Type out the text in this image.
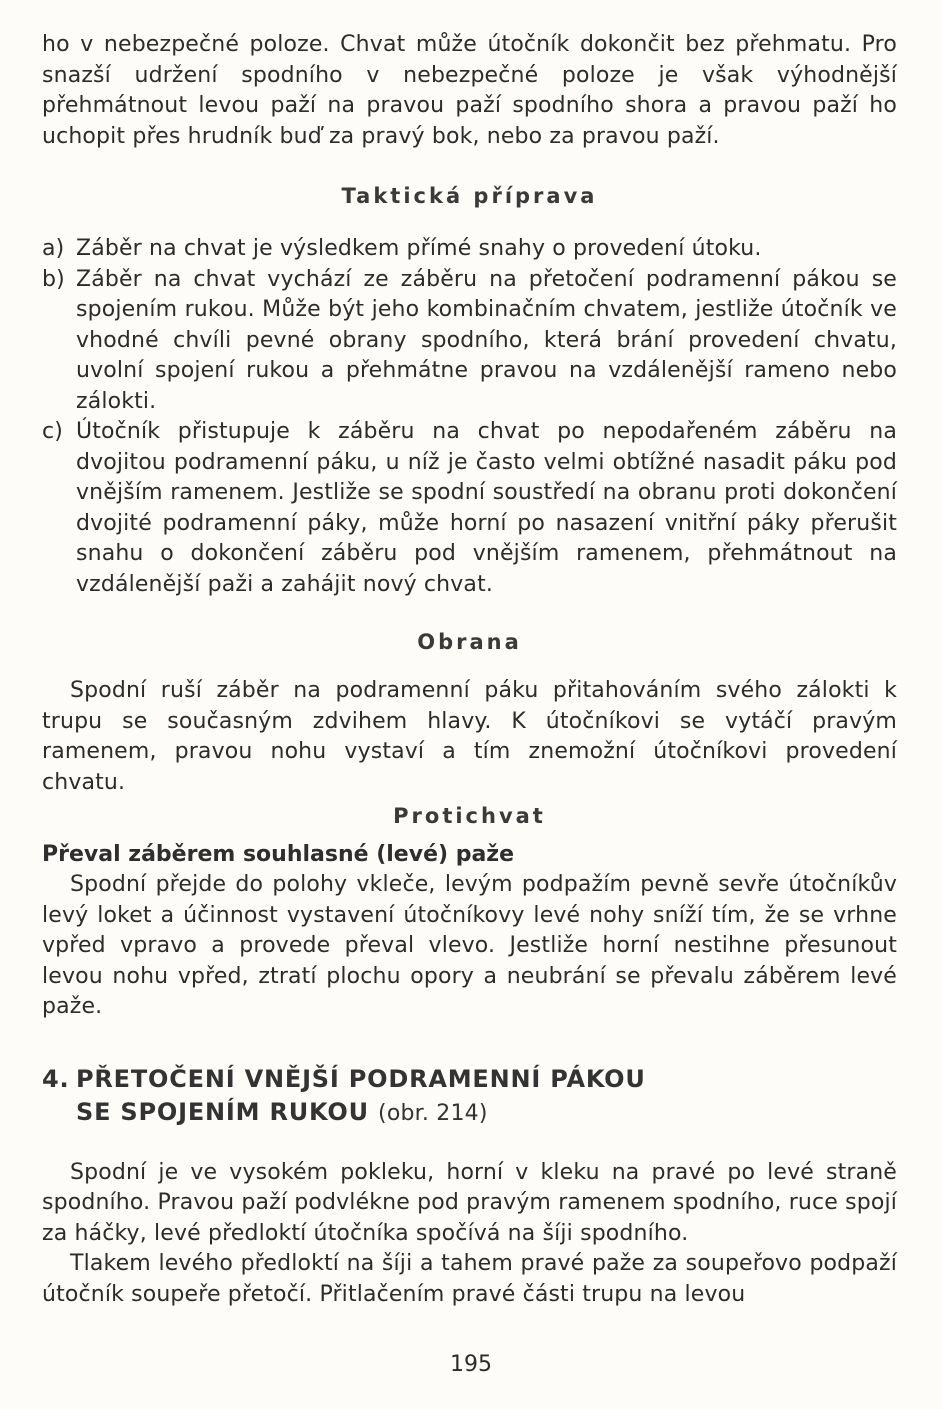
ho v nebezpečné poloze. Chvat může útočník dokončit bez přehmatu. Pro snazší udržení spodního v nebezpečné poloze je však výhodnější přehmátnout levou paží na pravou paží spodního shora a pravou paží ho uchopit přes hrudník buď za pravý bok, nebo za pravou paží.

Taktická příprava
a) Záběr na chvat je výsledkem přímé snahy o provedení útoku.
b) Záběr na chvat vychází ze záběru na přetočení podramenní pákou se spojením rukou. Může být jeho kombinačním chvatem, jestliže útočník ve vhodné chvíli pevné obrany spodního, která brání provedení chvatu, uvolní spojení rukou a přehmátne pravou na vzdálenější rameno nebo zálokti.
c) Útočník přistupuje k záběru na chvat po nepodařeném záběru na dvojitou podramenní páku, u níž je často velmi obtížné nasadit páku pod vnějším ramenem. Jestliže se spodní soustředí na obranu proti dokončení dvojité podramenní páky, může horní po nasazení vnitřní páky přerušit snahu o dokončení záběru pod vnějším ramenem, přehmátnout na vzdálenější paži a zahájit nový chvat.
Obrana

Spodní ruší záběr na podramenní páku přitahováním svého zálokti k trupu se současným zdvihem hlavy. K útočníkovi se vytáčí pravým ramenem, pravou nohu vystaví a tím znemožní útočníkovi provedení chvatu.

Protichvat
Převal záběrem souhlasné (levé) paže

Spodní přejde do polohy vkleče, levým podpažím pevně sevře útočníkův levý loket a účinnost vystavení útočníkovy levé nohy sníží tím, že se vrhne vpřed vpravo a provede převal vlevo. Jestliže horní nestihne přesunout levou nohu vpřed, ztratí plochu opory a neubrání se převalu záběrem levé paže.

4. PŘETOČENÍ VNĚJŠÍ PODRAMENNÍ PÁKOU
SE SPOJENÍM RUKOU (obr. 214)

Spodní je ve vysokém pokleku, horní v kleku na pravé po levé straně spodního. Pravou paží podvlékne pod pravým ramenem spodního, ruce spojí za háčky, levé předloktí útočníka spočívá na šíji spodního.

Tlakem levého předloktí na šíji a tahem pravé paže za soupeřovo podpaží útočník soupeře přetočí. Přitlačením pravé části trupu na levou

195
